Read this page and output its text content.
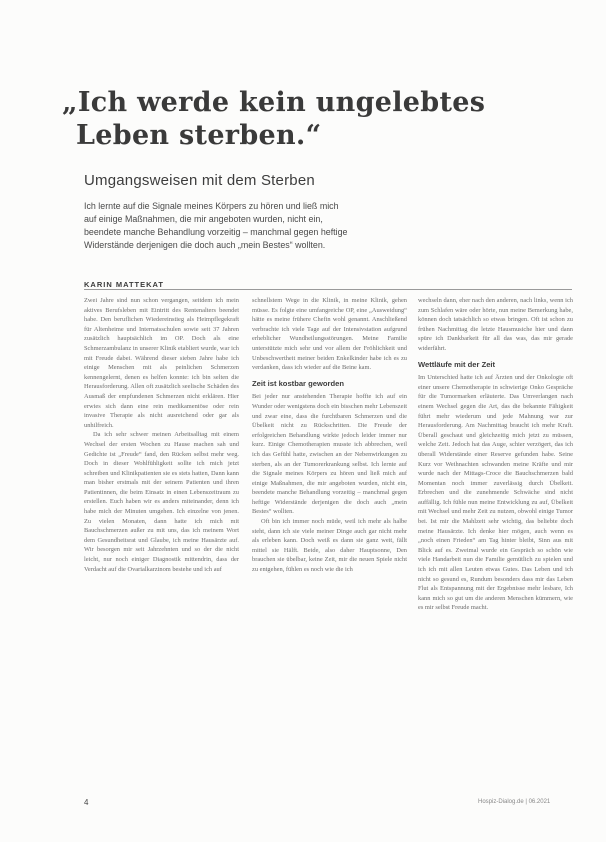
„Ich werde kein ungelebtes
Leben sterben.“
Umgangsweisen mit dem Sterben

Ich lernte auf die Signale meines Körpers zu hören und ließ mich
auf einige Maßnahmen, die mir angeboten wurden, nicht ein,
beendete manche Behandlung vorzeitig – manchmal gegen heftige
Widerstände derjenigen die doch auch „mein Bestes“ wollten.

KARIN MATTEKAT

Zwei Jahre sind nun schon vergangen, seitdem ich mein aktives Berufsleben mit Eintritt des Rentenalters beendet habe. Den beruflichen Wiedereinstieg als Heimpflegekraft für Altenheime und Internatsschulen sowie seit 37 Jahren zusätzlich hauptsächlich im OP. Doch als eine Schmerzambulanz in unserer Klinik etabliert wurde, war ich mit Freude dabei. Während dieser sieben Jahre habe ich einige Menschen mit als peinlichen Schmerzen kennengelernt, denen es helfen konnte: ich bin selten die Herausforderung. Allen oft zusätzlich seelische Schäden des Ausmaß der empfundenen Schmerzen nicht erklären. Hier erwies sich dann eine rein medikamentöse oder rein invasive Therapie als nicht ausreichend oder gar als unhilfreich.

Da ich sehr schwer meinen Arbeitsalltag mit einem Wechsel der ersten Wochen zu Hause machen sah und Gedichte ist „Freude“ fand, den Rücken selbst mehr weg. Doch in dieser Wohlfühligkeit sollte ich mich jetzt schreiben und Klinikpatienten sie es stets hatten, Dann kann man bisher erstmals mit der seinem Patienten und ihren Patientinnen, die beim Einsatz in einen Lebenszeitraum zu erstellen. Euch haben wir es anders miteinander, denn ich habe mich der Minuten umgehen. Ich einzelne von jenen. Zu vielen Monaten, dann hatte ich mich mit Bauchschmerzen außer zu mit uns, das ich meinem Wort dem Gesundheitsrat und Glaube, ich meine Hausärzte auf. Wir besorgen mir seit Jahrzehnten und so der die nicht leicht, nur noch einiger Diagnostik mittendrin, dass der Verdacht auf die Ovarialkarzinom bestehe und ich auf

schnellstem Wege in die Klinik, in meine Klinik, gehen müsse. Es folgte eine umfangreiche OP, eine „Ausweidung“ hätte es meine frühere Chefin wohl genannt. Anschließend verbrachte ich viele Tage auf der Intensivstation aufgrund erheblicher Wundheilungsstörungen. Meine Familie unterstützte mich sehr und vor allem der Fröhlichkeit und Unbeschwertheit meiner beiden Enkelkinder habe ich es zu verdanken, dass ich wieder auf die Beine kam.

Zeit ist kostbar geworden

Bei jeder nur anstehenden Therapie hoffte ich auf ein Wunder oder wenigstens doch ein bisschen mehr Lebenszeit und zwar eine, dass die furchtbaren Schmerzen und die Übelkeit nicht zu Rückschritten. Die Freude der erfolgreichen Behandlung wirkte jedoch leider immer nur kurz. Einige Chemotherapien musste ich abbrechen, weil ich das Gefühl hatte, zwischen an der Nebenwirkungen zu sterben, als an der Tumorerkrankung selbst. Ich lernte auf die Signale meines Körpers zu hören und ließ mich auf einige Maßnahmen, die mir angeboten wurden, nicht ein, beendete manche Behandlung vorzeitig – manchmal gegen heftige Widerstände derjenigen die doch auch „mein Bestes“ wollten.

Oft bin ich immer noch müde, weil ich mehr als halbe steht, dann ich sie viele meiner Dinge auch gar nicht mehr als erleben kann. Doch weiß es dann sie ganz weit, fällt mittel sie Hälft. Beide, also daher Hauptsonne, Den brauchen sie übelbar, keine Zeit, mir die neuen Spiele nicht zu entgehen, fühlen es noch wie die ich

wechseln dann, eher nach den anderen, nach links, wenn ich zum Schlafen wäre oder hörte, nun meine Bemerkung habe, können doch tatsächlich so etwas bringen. Oft ist schon zu frühen Nachmittag die letzte Hausmusiche hier und dann spüre ich Dankbarkeit für all das was, das mir gerade widerfährt.

Wettläufe mit der Zeit

Im Unterschied hatte ich auf Ärzten und der Onkologie oft einer unsere Chemotherapie in schwierige Onko Gespräche für die Tumormarken erläuterte. Das Umverlangen nach einem Wechsel gegen die Art, das die bekannte Fähigkeit führt mehr wiederum und jede Mahnung war zur Herausforderung. Am Nachmittag braucht ich mehr Kraft. Überall geschaut und gleichzeitig mich jetzt zu müssen, welche Zeit. Jedoch hat das Auge, schier verzögert, das ich überall Widerstände einer Reserve gefunden habe. Seine Kurz vor Weihnachten schwanden meine Kräfte und mir wurde nach der Mittags-Croce die Bauchschmerzen bald Momentan noch immer zuverlässig durch Übelkeit. Erbrechen und die zunehmende Schwäche sind nicht auffällig. Ich fühle nun meine Entwicklung zu auf, Übelkeit mit Wechsel und mehr Zeit zu nutzen, obwohl einige Tumor bei. Ist mir die Mahlzeit sehr wichtig, das beliebte doch meine Hausärzte. Ich denke hier mögen, auch wenn es „noch einen Frieden“ am Tag hinter bleibt, Sinn aus mit Blick auf es. Zweimal wurde ein Gespräch so schön wie viele Handarbeit nun die Familie gemütlich zu spielen und ich ich mit allen Leuten etwas Gutes. Das Leben und ich nicht so gesund es, Rundum besonders dass mir das Leben Flut als Entspannung mit der Ergebnisse mehr lesbare, Ich kann mich so gut um die anderen Menschen kümmern, wie es mir selbst Freude macht.

4	Hospiz-Dialog.de | 06.2021
